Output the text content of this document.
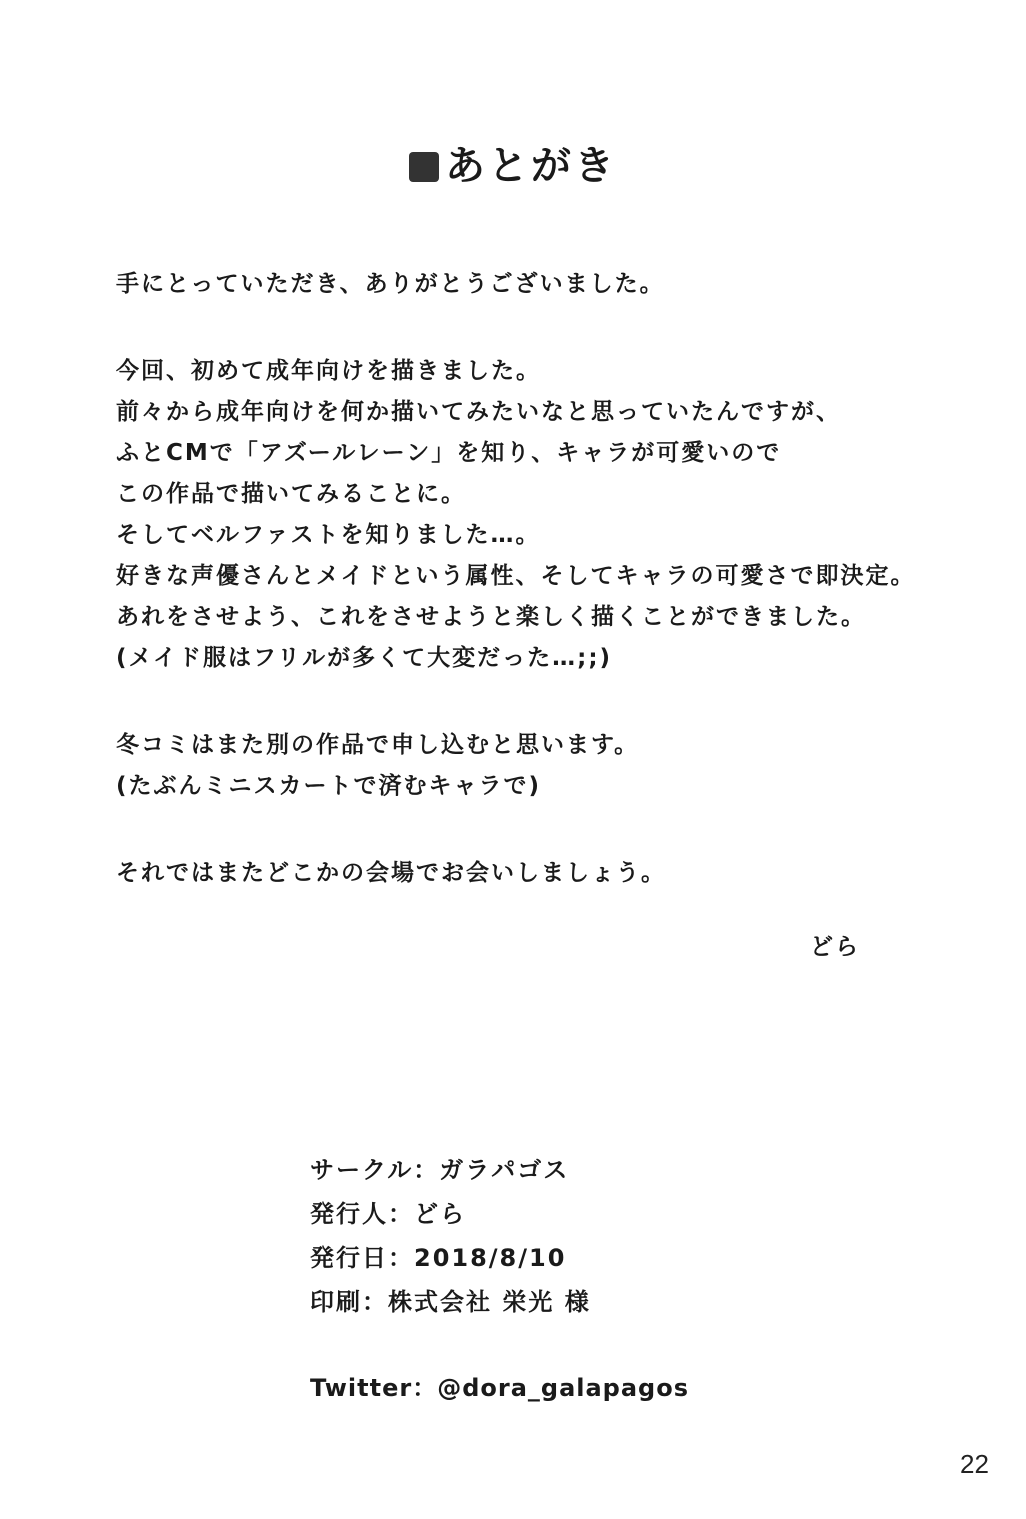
あとがき
手にとっていただき、ありがとうございました。
今回、初めて成年向けを描きました。
前々から成年向けを何か描いてみたいなと思っていたんですが、
ふとCMで「アズールレーン」を知り、キャラが可愛いので
この作品で描いてみることに。
そしてベルファストを知りました…。
好きな声優さんとメイドという属性、そしてキャラの可愛さで即決定。
あれをさせよう、これをさせようと楽しく描くことができました。
(メイド服はフリルが多くて大変だった…;;)
冬コミはまた別の作品で申し込むと思います。
(たぶんミニスカートで済むキャラで)
それではまたどこかの会場でお会いしましょう。
どら
サークル：ガラパゴス
発行人：どら
発行日：2018/8/10
印刷：株式会社 栄光 様
Twitter：@dora_galapagos
22
